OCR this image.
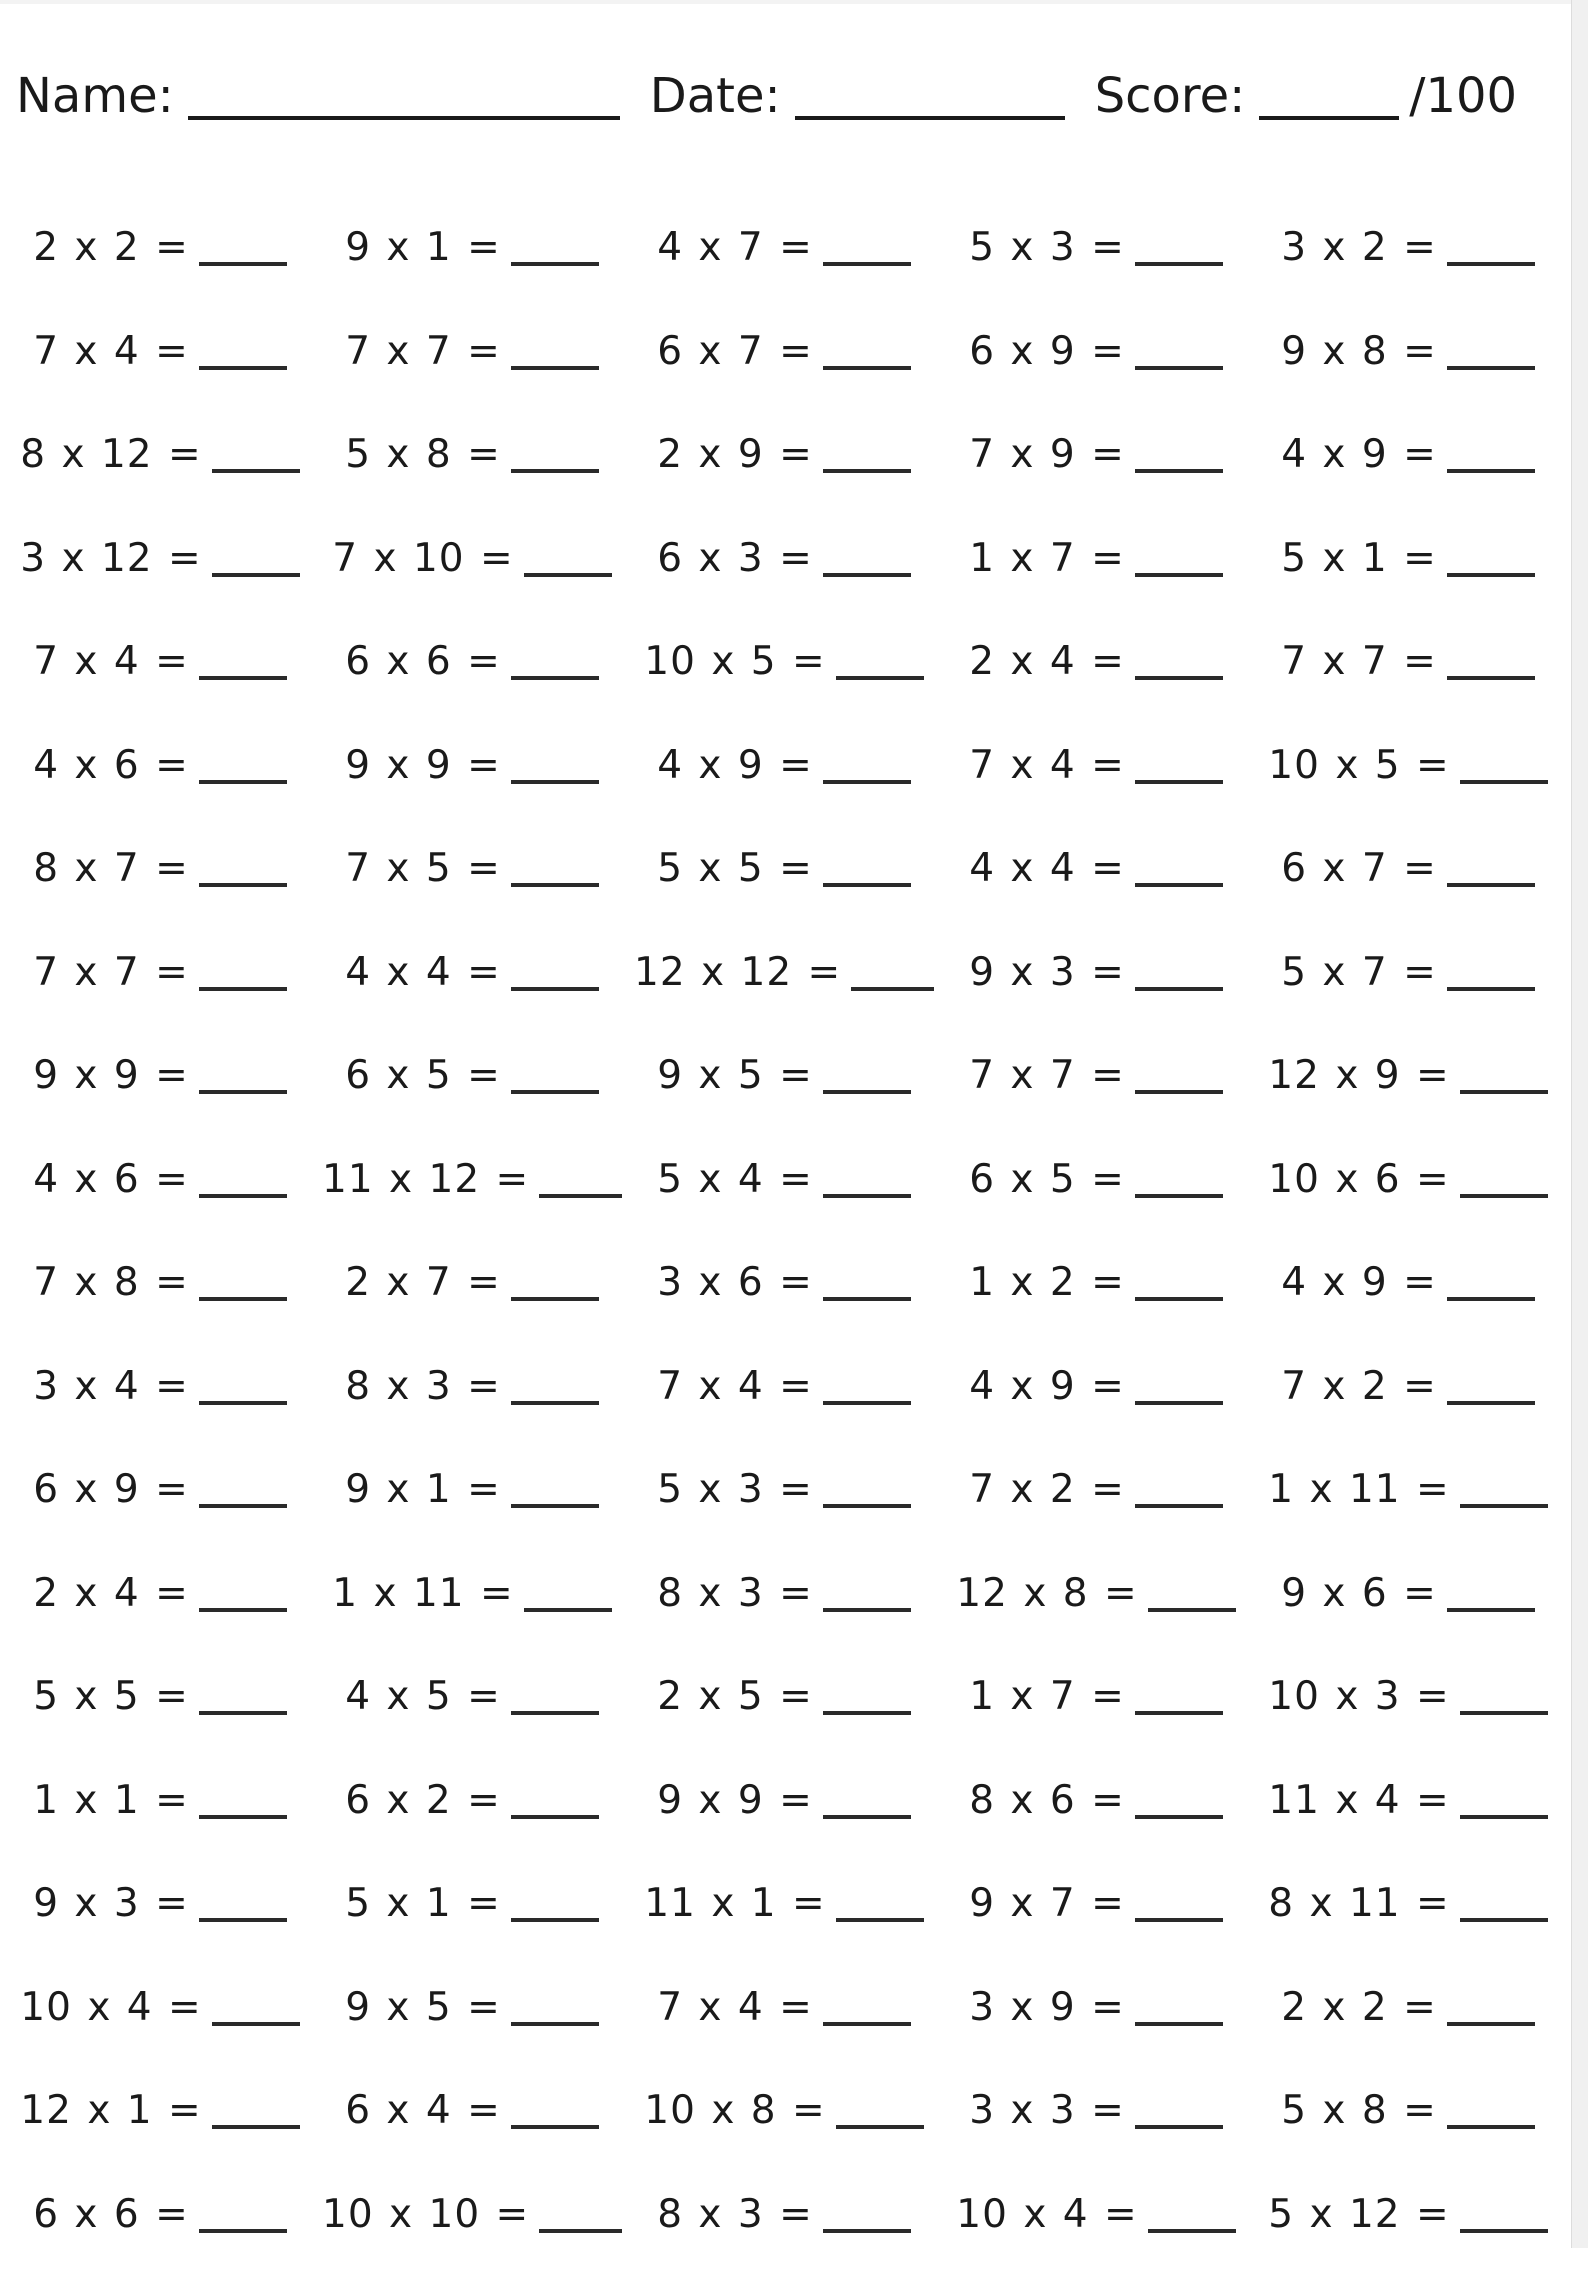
Name:	Date:	Score:	/100
2 x 2 =	9 x 1 =	4 x 7 =	5 x 3 =	3 x 2 =
7 x 4 =	7 x 7 =	6 x 7 =	6 x 9 =	9 x 8 =
8 x 12 =	5 x 8 =	2 x 9 =	7 x 9 =	4 x 9 =
3 x 12 =	7 x 10 =	6 x 3 =	1 x 7 =	5 x 1 =
7 x 4 =	6 x 6 =	10 x 5 =	2 x 4 =	7 x 7 =
4 x 6 =	9 x 9 =	4 x 9 =	7 x 4 =	10 x 5 =
8 x 7 =	7 x 5 =	5 x 5 =	4 x 4 =	6 x 7 =
7 x 7 =	4 x 4 =	12 x 12 =	9 x 3 =	5 x 7 =
9 x 9 =	6 x 5 =	9 x 5 =	7 x 7 =	12 x 9 =
4 x 6 =	11 x 12 =	5 x 4 =	6 x 5 =	10 x 6 =
7 x 8 =	2 x 7 =	3 x 6 =	1 x 2 =	4 x 9 =
3 x 4 =	8 x 3 =	7 x 4 =	4 x 9 =	7 x 2 =
6 x 9 =	9 x 1 =	5 x 3 =	7 x 2 =	1 x 11 =
2 x 4 =	1 x 11 =	8 x 3 =	12 x 8 =	9 x 6 =
5 x 5 =	4 x 5 =	2 x 5 =	1 x 7 =	10 x 3 =
1 x 1 =	6 x 2 =	9 x 9 =	8 x 6 =	11 x 4 =
9 x 3 =	5 x 1 =	11 x 1 =	9 x 7 =	8 x 11 =
10 x 4 =	9 x 5 =	7 x 4 =	3 x 9 =	2 x 2 =
12 x 1 =	6 x 4 =	10 x 8 =	3 x 3 =	5 x 8 =
6 x 6 =	10 x 10 =	8 x 3 =	10 x 4 =	5 x 12 =
